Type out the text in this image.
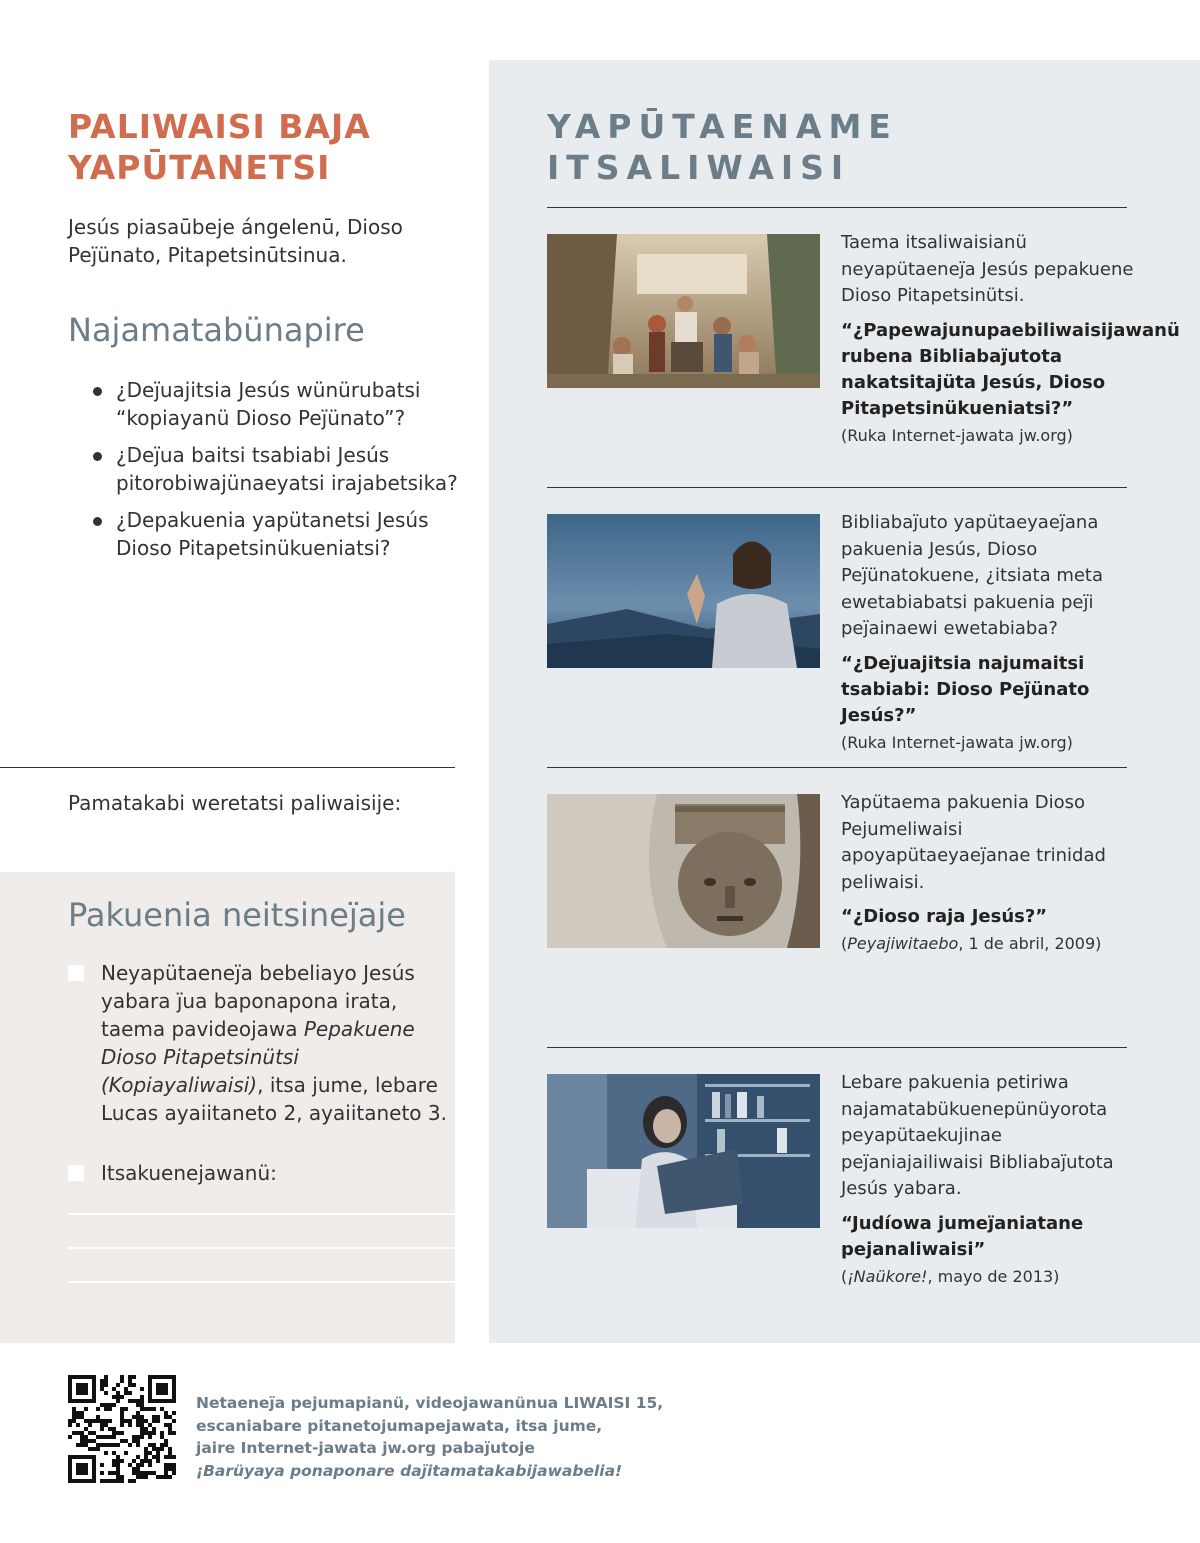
PALIWAISI BAJA YAPŪTANETSI

Jesús piasaūbeje ángelenū, Dioso Peȷ̈ünato, Pitapetsinūtsinua.

Najamatabünapire
¿Deȷ̈uajitsia Jesús wünürubatsi “kopiayanü Dioso Peȷ̈ünato”?
¿Deȷ̈ua baitsi tsabiabi Jesús pitorobiwajünaeyatsi irajabetsika?
¿Depakuenia yapütanetsi Jesús Dioso Pitapetsinükueniatsi?

Pamatakabi weretatsi paliwaisije:

Pakuenia neitsineȷ̈aje
Neyapütaeneȷ̈a bebeliayo Jesús yabara ȷ̈ua baponapona irata, taema pavideojawa Pepakuene Dioso Pitapetsinütsi (Kopiayaliwaisi), itsa jume, lebare Lucas ayaiitaneto 2, ayaiitaneto 3.
Itsakuenejawanü:
YAPŪTAENAME ITSALIWAISI

Taema itsaliwaisianü neyapütaeneȷ̈a Jesús pepakuene Dioso Pitapetsinütsi.

“¿Papewajunupaebiliwaisijawanü rubena Bibliabaȷ̈utota nakatsitajüta Jesús, Dioso Pitapetsinükueniatsi?”

(Ruka Internet-jawata jw.org)

Bibliabaȷ̈uto yapütaeyaeȷ̈ana pakuenia Jesús, Dioso Peȷ̈ünatokuene, ¿itsiata meta ewetabiabatsi pakuenia peȷ̈i peȷ̈ainaewi ewetabiaba?

“¿Deȷ̈uajitsia najumaitsi tsabiabi: Dioso Peȷ̈ünato Jesús?”

(Ruka Internet-jawata jw.org)

Yapütaema pakuenia Dioso Pejumeliwaisi apoyapütaeyaeȷ̈anae trinidad peliwaisi.

“¿Dioso raja Jesús?”

(Peyajiwitaebo, 1 de abril, 2009)

Lebare pakuenia petiriwa najamatabükuenepünüyorota peyapütaekujinae peȷ̈aniajailiwaisi Bibliabaȷ̈utota Jesús yabara.

“Judíowa jumeȷ̈aniatane pejanaliwaisi”

(¡Naükore!, mayo de 2013)

Netaeneȷ̈a pejumapianü, videojawanünua LIWAISI 15,
escaniabare pitanetojumapejawata, itsa jume,
jaire Internet-jawata jw.org pabaȷ̈utoje
¡Barüyaya ponaponare daȷ̈itamatakabijawabelia!
